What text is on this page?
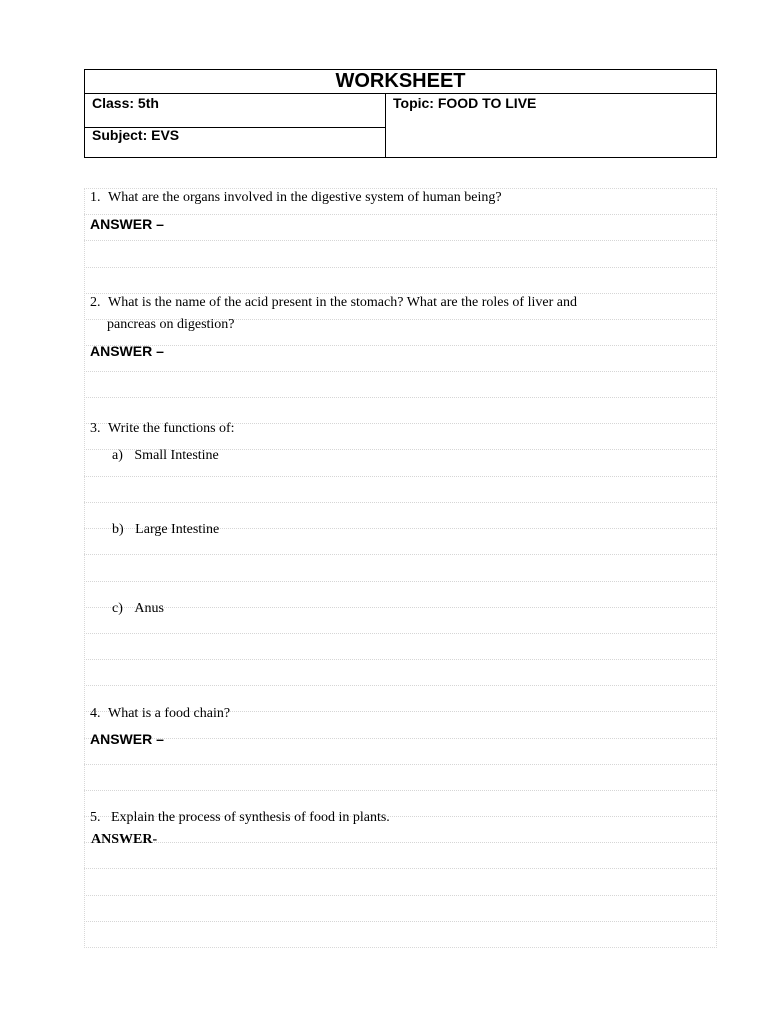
WORKSHEET
Class: 5th
Subject: EVS
Topic: FOOD TO LIVE
1. What are the organs involved in the digestive system of human being?
ANSWER –
2. What is the name of the acid present in the stomach? What are the roles of liver and
pancreas on digestion?
ANSWER –
3. Write the functions of:
a) Small Intestine
b) Large Intestine
c) Anus
4. What is a food chain?
ANSWER –
5. Explain the process of synthesis of food in plants.
ANSWER-
